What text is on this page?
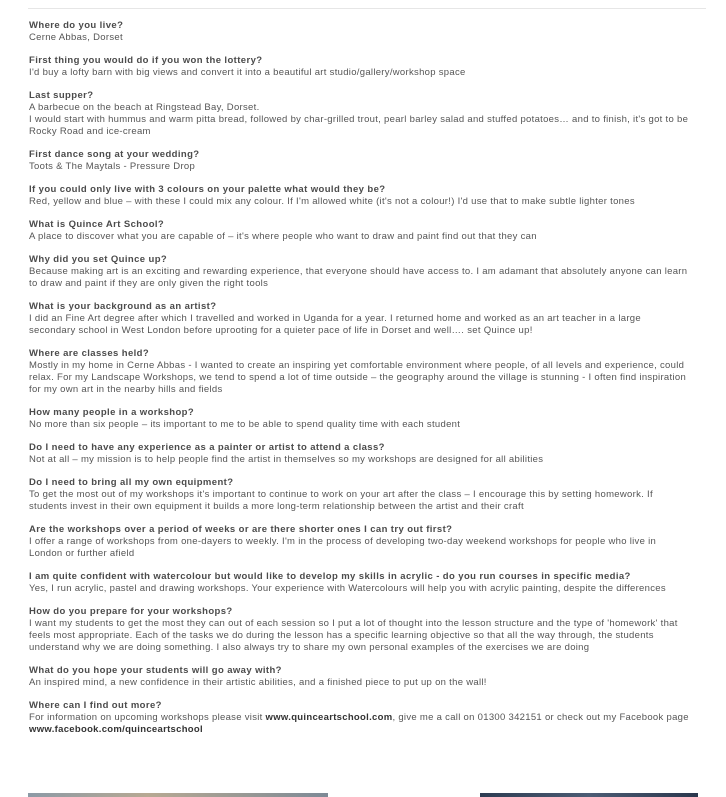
Where do you live?

Cerne Abbas, Dorset

First thing you would do if you won the lottery?

I'd buy a lofty barn with big views and convert it into a beautiful art studio/gallery/workshop space

Last supper?

A barbecue on the beach at Ringstead Bay, Dorset.

I would start with hummus and warm pitta bread, followed by char-grilled trout, pearl barley salad and stuffed potatoes… and to finish, it's got to be Rocky Road and ice-cream

First dance song at your wedding?

Toots & The Maytals - Pressure Drop

If you could only live with 3 colours on your palette what would they be?

Red, yellow and blue – with these I could mix any colour. If I'm allowed white (it's not a colour!) I'd use that to make subtle lighter tones

What is Quince Art School?

A place to discover what you are capable of – it's where people who want to draw and paint find out that they can

Why did you set Quince up?

Because making art is an exciting and rewarding experience, that everyone should have access to. I am adamant that absolutely anyone can learn to draw and paint if they are only given the right tools

What is your background as an artist?

I did an Fine Art degree after which I travelled and worked in Uganda for a year. I returned home and worked as an art teacher in a large secondary school in West London before uprooting for a quieter pace of life in Dorset and well…. set Quince up!

Where are classes held?

Mostly in my home in Cerne Abbas - I wanted to create an inspiring yet comfortable environment where people, of all levels and experience, could relax. For my Landscape Workshops, we tend to spend a lot of time outside – the geography around the village is stunning - I often find inspiration for my own art in the nearby hills and fields

How many people in a workshop?

No more than six people – its important to me to be able to spend quality time with each student

Do I need to have any experience as a painter or artist to attend a class?

Not at all – my mission is to help people find the artist in themselves so my workshops are designed for all abilities

Do I need to bring all my own equipment?

To get the most out of my workshops it's important to continue to work on your art after the class – I encourage this by setting homework. If students invest in their own equipment it builds a more long-term relationship between the artist and their craft

Are the workshops over a period of weeks or are there shorter ones I can try out first?

I offer a range of workshops from one-dayers to weekly. I'm in the process of developing two-day weekend workshops for people who live in London or further afield

I am quite confident with watercolour but would like to develop my skills in acrylic - do you run courses in specific media?

Yes, I run acrylic, pastel and drawing workshops. Your experience with Watercolours will help you with acrylic painting, despite the differences

How do you prepare for your workshops?

I want my students to get the most they can out of each session so I put a lot of thought into the lesson structure and the type of 'homework' that feels most appropriate. Each of the tasks we do during the lesson has a specific learning objective so that all the way through, the students understand why we are doing something. I also always try to share my own personal examples of the exercises we are doing

What do you hope your students will go away with?

An inspired mind, a new confidence in their artistic abilities, and a finished piece to put up on the wall!

Where can I find out more?

For information on upcoming workshops please visit www.quinceartschool.com, give me a call on 01300 342151 or check out my Facebook page www.facebook.com/quinceartschool
